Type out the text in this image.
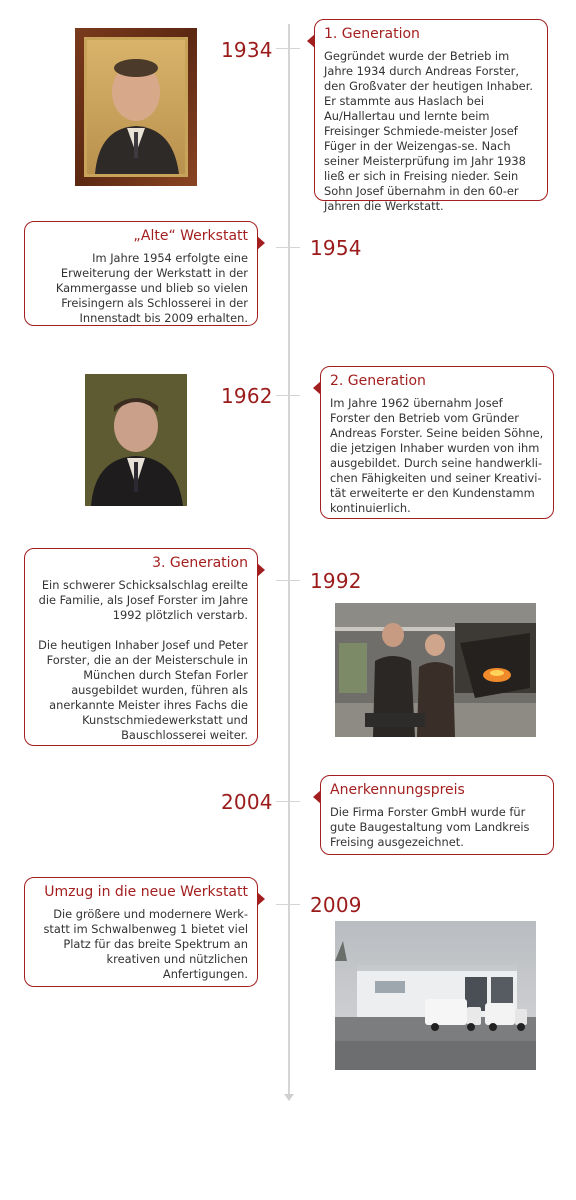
1934
1. Generation
Gegründet wurde der Betrieb im Jahre 1934 durch Andreas Forster, den Großvater der heutigen Inhaber. Er stammte aus Haslach bei Au/Hallertau und lernte beim Freisinger Schmiede-meister Josef Füger in der Weizengas-se. Nach seiner Meisterprüfung im Jahr 1938 ließ er sich in Freising nieder. Sein Sohn Josef übernahm in den 60-er Jahren die Werkstatt.
„Alte“ Werkstatt
Im Jahre 1954 erfolgte eine Erweiterung der Werkstatt in der Kammergasse und blieb so vielen Freisingern als Schlosserei in der Innenstadt bis 2009 erhalten.
1954
1962
2. Generation
Im Jahre 1962 übernahm Josef Forster den Betrieb vom Gründer Andreas Forster. Seine beiden Söhne, die jetzigen Inhaber wurden von ihm ausgebildet. Durch seine handwerkli-chen Fähigkeiten und seiner Kreativi-tät erweiterte er den Kundenstamm kontinuierlich.
3. Generation
Ein schwerer Schicksalschlag ereilte die Familie, als Josef Forster im Jahre 1992 plötzlich verstarb.
Die heutigen Inhaber Josef und Peter Forster, die an der Meisterschule in München durch Stefan Forler ausgebildet wurden, führen als anerkannte Meister ihres Fachs die Kunstschmiedewerkstatt und Bauschlosserei weiter.
1992
2004	Anerkennungspreis
Die Firma Forster GmbH wurde für gute Baugestaltung vom Landkreis Freising ausgezeichnet.
Umzug in die neue Werkstatt
Die größere und modernere Werk-statt im Schwalbenweg 1 bietet viel Platz für das breite Spektrum an kreativen und nützlichen Anfertigungen.
2009
